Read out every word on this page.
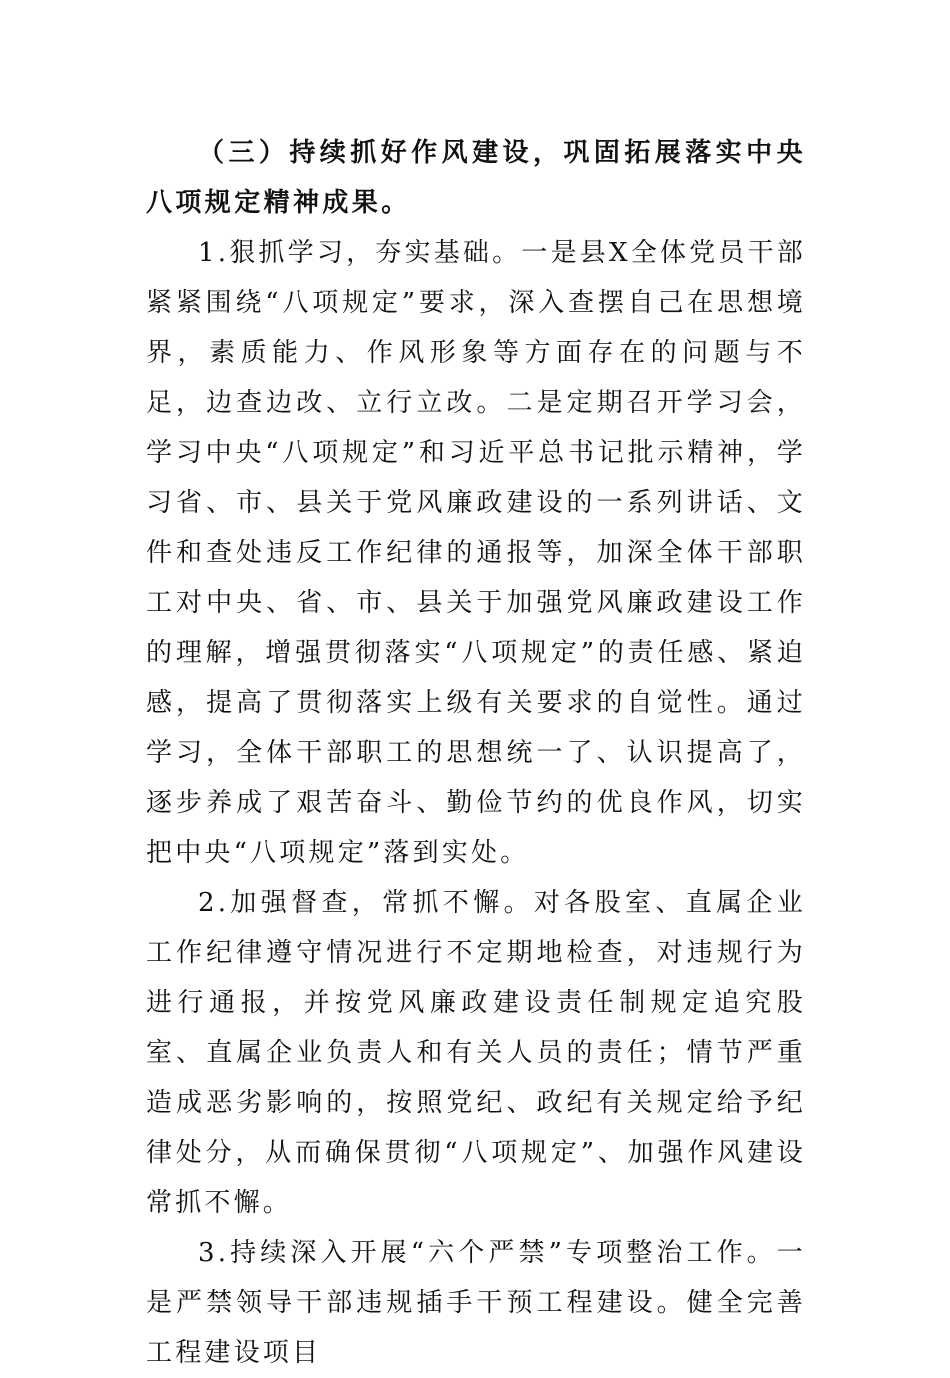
（三）持续抓好作风建设，巩固拓展落实中央八项规定精神成果。

1.狠抓学习，夯实基础。一是县X全体党员干部紧紧围绕“八项规定”要求，深入查摆自己在思想境界，素质能力、作风形象等方面存在的问题与不足，边查边改、立行立改。二是定期召开学习会，学习中央“八项规定”和习近平总书记批示精神，学习省、市、县关于党风廉政建设的一系列讲话、文件和查处违反工作纪律的通报等，加深全体干部职工对中央、省、市、县关于加强党风廉政建设工作的理解，增强贯彻落实“八项规定”的责任感、紧迫感，提高了贯彻落实上级有关要求的自觉性。通过学习，全体干部职工的思想统一了、认识提高了，逐步养成了艰苦奋斗、勤俭节约的优良作风，切实把中央“八项规定”落到实处。

2.加强督查，常抓不懈。对各股室、直属企业工作纪律遵守情况进行不定期地检查，对违规行为进行通报，并按党风廉政建设责任制规定追究股室、直属企业负责人和有关人员的责任；情节严重造成恶劣影响的，按照党纪、政纪有关规定给予纪律处分，从而确保贯彻“八项规定”、加强作风建设常抓不懈。

3.持续深入开展“六个严禁”专项整治工作。一是严禁领导干部违规插手干预工程建设。健全完善工程建设项目
